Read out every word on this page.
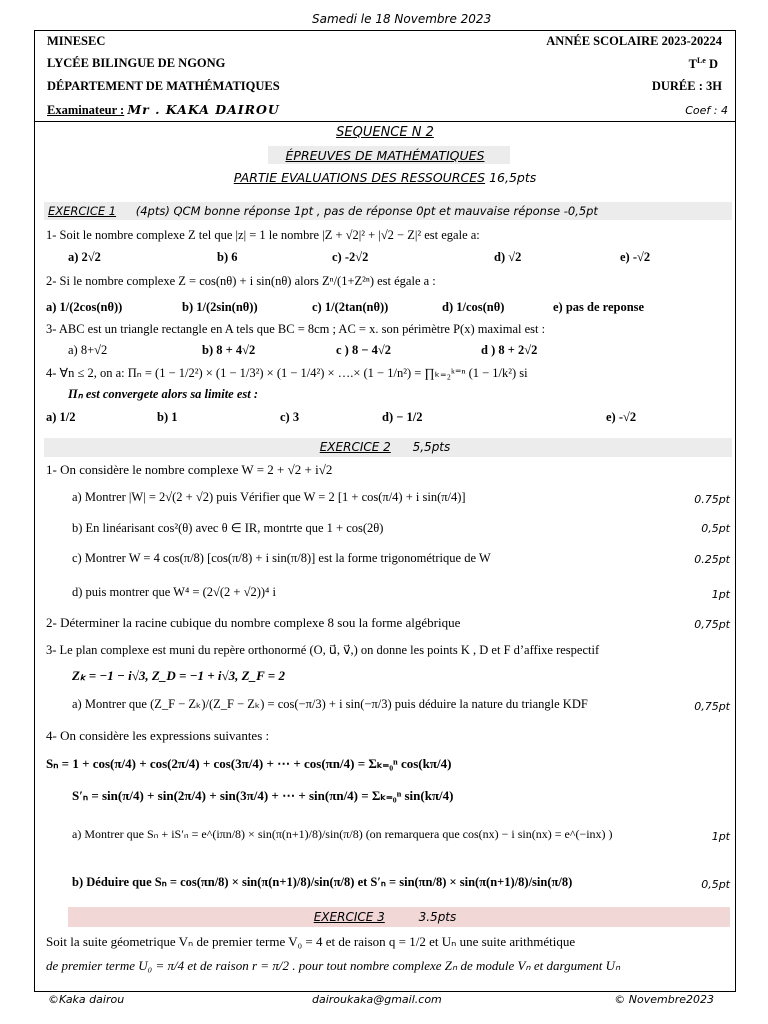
Samedi le 18 Novembre 2023
MINESEC
LYCÉE BILINGUE DE NGONG
DÉPARTEMENT DE MATHÉMATIQUES
Examinateur : Mr . KAKA DAIROU
ANNÉE SCOLAIRE 2023-20224
$T^{Le}$ D
DURÉE : 3H
Coef : 4
SEQUENCE N 2
ÉPREUVES DE MATHÉMATIQUES
PARTIE EVALUATIONS DES RESSOURCES 16,5pts
EXERCICE 1 (4pts) QCM bonne réponse 1pt , pas de réponse 0pt et mauvaise réponse -0,5pt
1- Soit le nombre complexe Z tel que |z| = 1 le nombre |Z + √2|² + |√2 − Z|² est egale a:
a) 2√2	b) 6	c) -2√2	d) √2	e) -√2
2- Si le nombre complexe Z = cos(nθ) + i sin(nθ) alors Zⁿ/(1+Z²ⁿ) est égale a :
a) 1/(2cos(nθ))	b) 1/(2sin(nθ))	c) 1/(2tan(nθ))	d) 1/cos(nθ)	e) pas de reponse
3- ABC est un triangle rectangle en A tels que BC = 8cm ; AC = x. son périmètre P(x) maximal est :
a) 8+√2	b) 8 + 4√2	c ) 8 − 4√2	d ) 8 + 2√2
4- ∀n ≤ 2, on a: Πₙ = (1 − 1/2²) × (1 − 1/3²) × (1 − 1/4²) × ….× (1 − 1/n²) = ∏ₖ₌₂ᵏ⁼ⁿ (1 − 1/k²) si
Πₙ est convergete alors sa limite est :
a) 1/2	b) 1	c) 3	d) − 1/2	e) -√2
EXERCICE 2 5,5pts
1- On considère le nombre complexe W = 2 + √2 + i√2
a) Montrer |W| = 2√(2 + √2) puis Vérifier que W = 2 [1 + cos(π/4) + i sin(π/4)]	0.75pt
b) En linéarisant cos²(θ) avec θ ∈ IR, montrte que 1 + cos(2θ)	0,5pt
c) Montrer W = 4 cos(π/8) [cos(π/8) + i sin(π/8)] est la forme trigonométrique de W	0.25pt
d) puis montrer que W⁴ = (2√(2 + √2))⁴ i	1pt
2- Déterminer la racine cubique du nombre complexe 8 sou la forme algébrique	0,75pt
3- Le plan complexe est muni du repère orthonormé (O, u⃗, v⃗,) on donne les points K , D et F d’affixe respectif
Zₖ = −1 − i√3, Z_D = −1 + i√3, Z_F = 2
a) Montrer que (Z_F − Zₖ)/(Z_F − Zₖ) = cos(−π/3) + i sin(−π/3) puis déduire la nature du triangle KDF	0,75pt
4- On considère les expressions suivantes :
Sₙ = 1 + cos(π/4) + cos(2π/4) + cos(3π/4) + ⋯ + cos(πn/4) = Σₖ₌₀ⁿ cos(kπ/4)
S′ₙ = sin(π/4) + sin(2π/4) + sin(3π/4) + ⋯ + sin(πn/4) = Σₖ₌₀ⁿ sin(kπ/4)
a) Montrer que Sₙ + iS′ₙ = e^(iπn/8) × sin(π(n+1)/8)/sin(π/8) (on remarquera que cos(nx) − i sin(nx) = e^(−inx) )	1pt
b) Déduire que Sₙ = cos(πn/8) × sin(π(n+1)/8)/sin(π/8) et S′ₙ = sin(πn/8) × sin(π(n+1)/8)/sin(π/8)	0,5pt
EXERCICE 3	3.5pts
Soit la suite géometrique Vₙ de premier terme V₀ = 4 et de raison q = 1/2 et Uₙ une suite arithmétique
de premier terme U₀ = π/4 et de raison r = π/2 . pour tout nombre complexe Zₙ de module Vₙ et dargument Uₙ
©Kaka dairou	dairoukaka@gmail.com	© Novembre2023
